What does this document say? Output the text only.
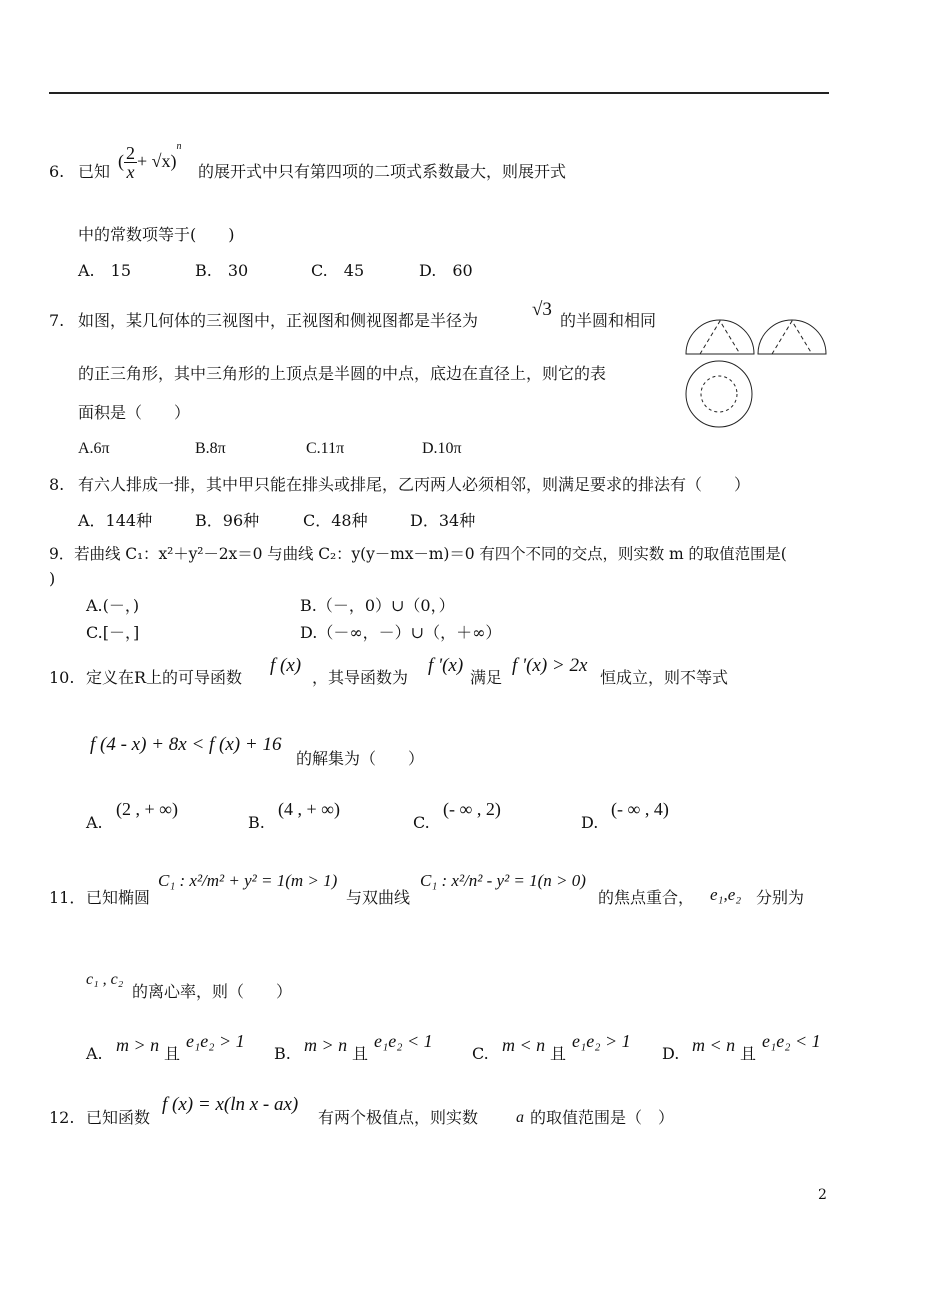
6. 已知
( $\frac{2}{x} + √x)^n$
的展开式中只有第四项的二项式系数最大，则展开式
中的常数项等于(　　)
A.　15	B.　30	C.　45	D.　60
7. 如图，某几何体的三视图中，正视图和侧视图都是半径为
√3
的半圆和相同
的正三角形，其中三角形的上顶点是半圆的中点，底边在直径上，则它的表
面积是（　　）
A.6π	B.8π	C.11π	D.10π
8. 有六人排成一排，其中甲只能在排头或排尾，乙丙两人必须相邻，则满足要求的排法有（　　）
A．144种	B．96种	C．48种	D．34种
9．若曲线 C₁：x²＋y²－2x＝0 与曲线 C₂：y(y－mx－m)＝0 有四个不同的交点，则实数 m 的取值范围是(
)
A.(－，)	B.（－，0）∪（0，）
C.[－，]	D.（－∞，－）∪（，＋∞）
10. 定义在R上的可导函数
f (x)
，其导函数为
f '(x)
满足
f '(x) > 2x
恒成立，则不等式
f (4 - x) + 8x < f (x) + 16
的解集为（　　）
A.
(2 , + ∞)
B.
(4 , + ∞)
C.
(- ∞ , 2)
D.
(- ∞ , 4)
11． 已知椭圆
C₁ : x²/m² + y² = 1(m > 1)
与双曲线
C₁ : x²/n² - y² = 1(n > 0)
的焦点重合， e₁,e₂ 分别为
c₁ , c₂
的离心率，则（　　）
A. m > n 且
e₁e₂ > 1
B. m > n 且
e₁e₂ < 1
C. m < n 且
e₁e₂ > 1
D. m < n 且
e₁e₂ < 1
12. 已知函数
f (x) = x(ln x - ax)
有两个极值点，则实数 a 的取值范围是（　）
2
